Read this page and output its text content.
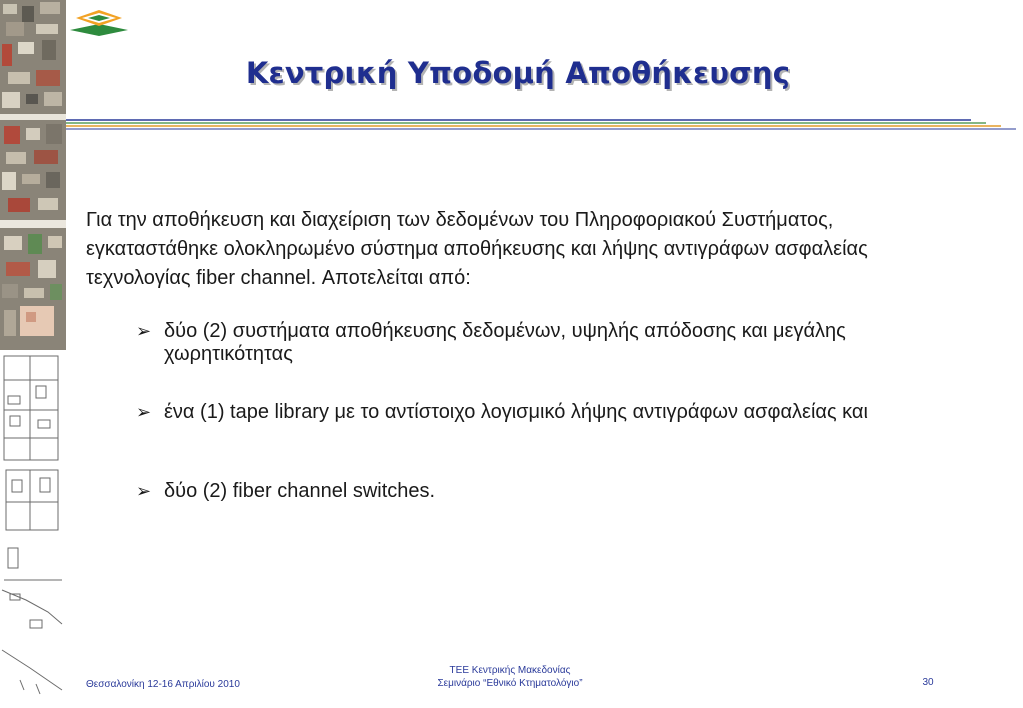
Κεντρική Υποδομή Αποθήκευσης
Για την αποθήκευση και διαχείριση των δεδομένων του Πληροφοριακού Συστήματος, εγκαταστάθηκε ολοκληρωμένο σύστημα αποθήκευσης και λήψης αντιγράφων ασφαλείας τεχνολογίας fiber channel. Αποτελείται από:
➢ δύο (2) συστήματα αποθήκευσης δεδομένων, υψηλής απόδοσης και μεγάλης χωρητικότητας
➢ ένα (1) tape library με το αντίστοιχο λογισμικό λήψης αντιγράφων ασφαλείας και
➢ δύο (2) fiber channel switches.
Θεσσαλονίκη 12-16 Απριλίου 2010
ΤΕΕ Κεντρικής Μακεδονίας
Σεμινάριο “Εθνικό Κτηματολόγιο”	30
